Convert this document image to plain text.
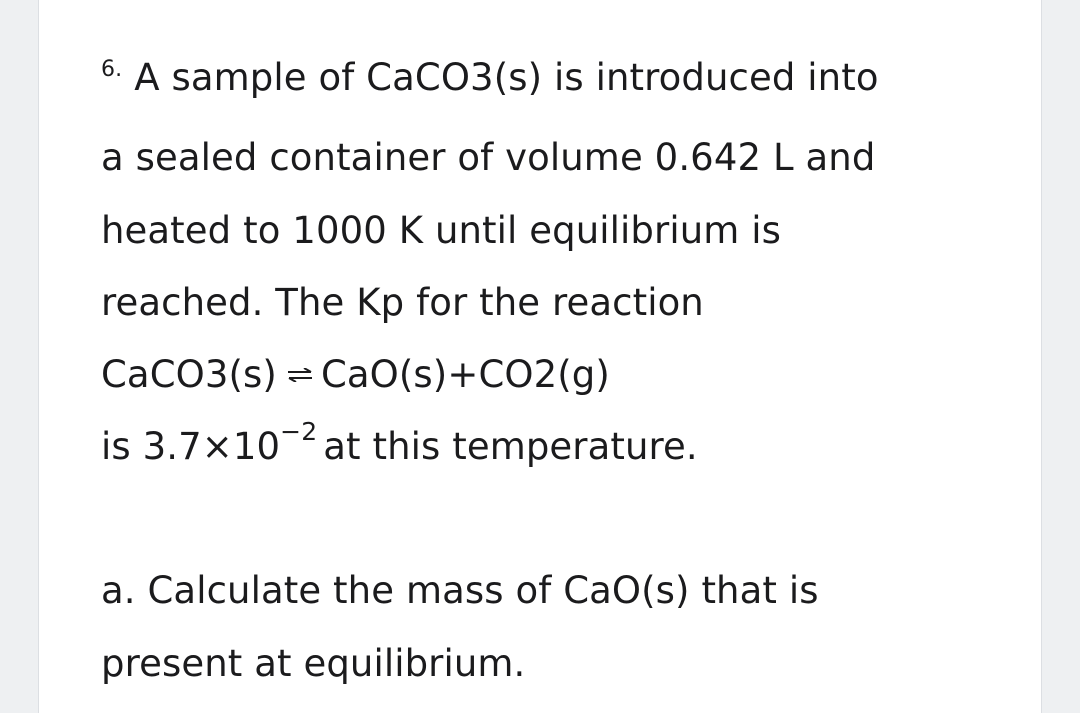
$^{6.}$ A sample of CaCO3(s) is introduced into
a sealed container of volume 0.642 L and
heated to 1000 K until equilibrium is
reached. The Kp for the reaction
CaCO3(s) ⇌ CaO(s)+CO2(g)
is $3.7\times 10^{-2}$ at this temperature.
a. Calculate the mass of CaO(s) that is
present at equilibrium.
